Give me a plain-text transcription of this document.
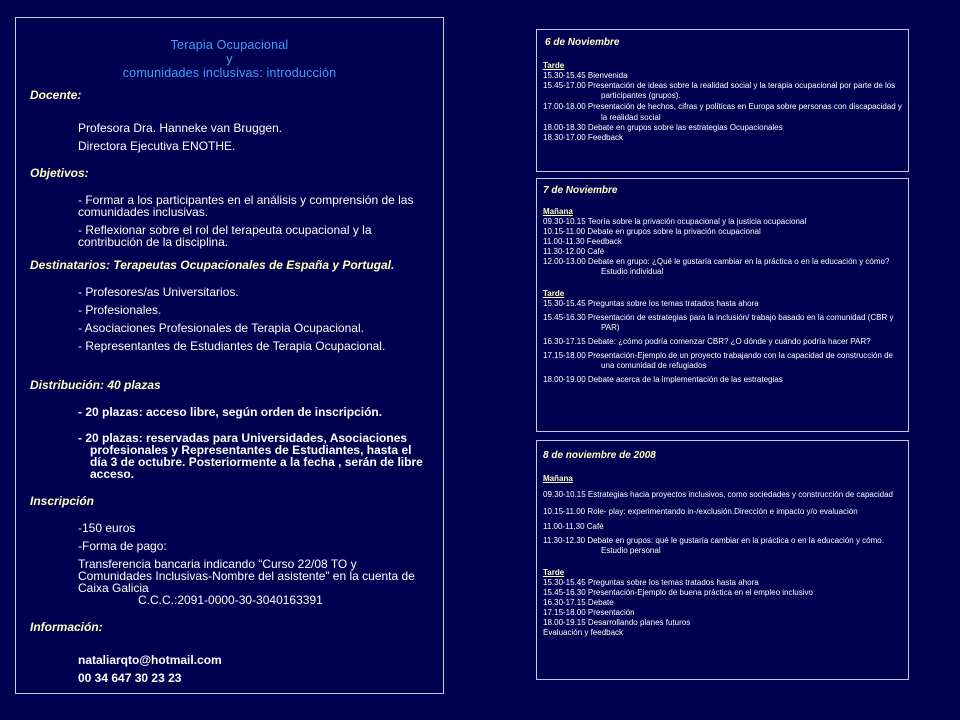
Terapia Ocupacional
y
comunidades inclusivas: introducción
Docente:
Profesora Dra. Hanneke van Bruggen.
Directora Ejecutiva ENOTHE.
Objetivos:
- Formar a los participantes en el análisis y comprensión de las comunidades inclusivas.
- Reflexionar sobre el rol del terapeuta ocupacional y la contribución de la disciplina.
Destinatarios: Terapeutas Ocupacionales de España y Portugal.
- Profesores/as Universitarios.
- Profesionales.
- Asociaciones Profesionales de Terapia Ocupacional.
- Representantes de Estudiantes de Terapia Ocupacional.
Distribución: 40 plazas
- 20 plazas: acceso libre, según orden de inscripción.
- 20 plazas: reservadas para Universidades, Asociaciones profesionales y Representantes de Estudiantes, hasta el día 3 de octubre. Posteriormente a la fecha , serán de libre acceso.
Inscripción
-150 euros
-Forma de pago:
Transferencia bancaria indicando “Curso 22/08 TO y Comunidades Inclusivas-Nombre del asistente” en la cuenta de Caixa Galicia
C.C.C.:2091-0000-30-3040163391
Información:
nataliarqto@hotmail.com
00 34 647 30 23 23
6 de Noviembre
Tarde
15.30-15.45 Bienvenida
15.45-17.00 Presentación de ideas sobre la realidad social y la terapia ocupacional por parte de los participantes (grupos).
17.00-18.00 Presentación de hechos, cifras y políticas en Europa sobre personas con discapacidad y la realidad social
18.00-18.30 Debate en grupos sobre las estrategias Ocupacionales
18.30-17.00 Feedback
7 de Noviembre
Mañana
09.30-10.15 Teoría sobre la privación ocupacional y la justicia ocupacional
10.15-11.00 Debate en grupos sobre la privación ocupacional
11.00-11.30 Feedback
11.30-12.00 Café
12.00-13.00 Debate en grupo: ¿Qué le gustaría cambiar en la práctica o en la educación y cómo? Estudio individual
Tarde
15.30-15.45 Preguntas sobre los temas tratados hasta ahora
15.45-16.30 Presentación de estrategias para la inclusión/ trabajo basado en la comunidad (CBR y PAR)
16.30-17.15 Debate: ¿cómo podría comenzar CBR? ¿O dónde y cuándo podría hacer PAR?
17.15-18.00 Presentación-Ejemplo de un proyecto trabajando con la capacidad de construcción de una comunidad de refugiados
18.00-19.00 Debate acerca de la implementación de las estrategias
8 de noviembre de 2008
Mañana
09.30-10.15 Estrategias hacia proyectos inclusivos, como sociedades y construcción de capacidad
10.15-11.00 Role- play: experimentando in-/exclusión.Dirección e impacto y/o evaluación
11.00-11.30 Café
11.30-12.30 Debate en grupos: qué le gustaría cambiar en la práctica o en la educación y cómo. Estudio personal
Tarde
15.30-15.45 Preguntas sobre los temas tratados hasta ahora
15.45-16.30 Presentación-Ejemplo de buena práctica en el empleo inclusivo
16.30-17.15 Debate
17.15-18.00 Presentación
18.00-19.15 Desarrollando planes futuros
Evaluación y feedback
